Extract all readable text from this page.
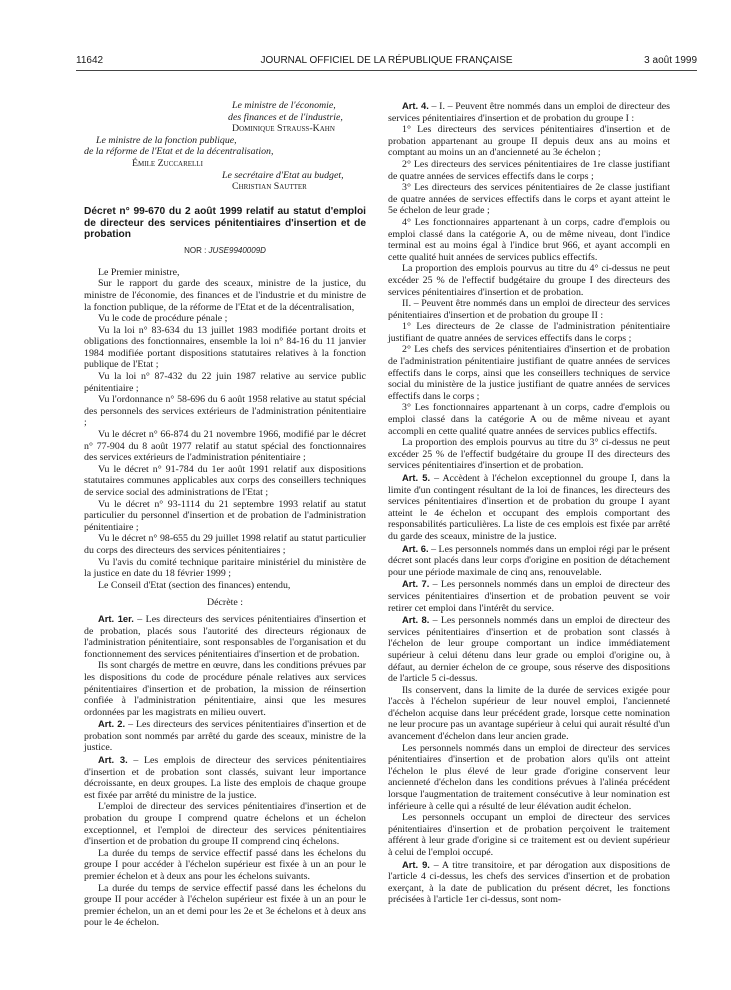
11642	JOURNAL OFFICIEL DE LA RÉPUBLIQUE FRANÇAISE	3 août 1999

Le ministre de l'économie,

des finances et de l'industrie,

Dominique Strauss-Kahn

Le ministre de la fonction publique,

de la réforme de l'Etat et de la décentralisation,

Émile Zuccarelli

Le secrétaire d'Etat au budget,

Christian Sautter

Décret n° 99-670 du 2 août 1999 relatif au statut d'emploi de directeur des services pénitentiaires d'insertion et de probation

NOR : JUSE9940009D

Le Premier ministre,

Sur le rapport du garde des sceaux, ministre de la justice, du ministre de l'économie, des finances et de l'industrie et du ministre de la fonction publique, de la réforme de l'Etat et de la décentralisation,

Vu le code de procédure pénale ;

Vu la loi n° 83-634 du 13 juillet 1983 modifiée portant droits et obligations des fonctionnaires, ensemble la loi n° 84-16 du 11 janvier 1984 modifiée portant dispositions statutaires relatives à la fonction publique de l'Etat ;

Vu la loi n° 87-432 du 22 juin 1987 relative au service public pénitentiaire ;

Vu l'ordonnance n° 58-696 du 6 août 1958 relative au statut spécial des personnels des services extérieurs de l'administration pénitentiaire ;

Vu le décret n° 66-874 du 21 novembre 1966, modifié par le décret n° 77-904 du 8 août 1977 relatif au statut spécial des fonctionnaires des services extérieurs de l'administration pénitentiaire ;

Vu le décret n° 91-784 du 1er août 1991 relatif aux dispositions statutaires communes applicables aux corps des conseillers techniques de service social des administrations de l'Etat ;

Vu le décret n° 93-1114 du 21 septembre 1993 relatif au statut particulier du personnel d'insertion et de probation de l'administration pénitentiaire ;

Vu le décret n° 98-655 du 29 juillet 1998 relatif au statut particulier du corps des directeurs des services pénitentiaires ;

Vu l'avis du comité technique paritaire ministériel du ministère de la justice en date du 18 février 1999 ;

Le Conseil d'Etat (section des finances) entendu,

Décrète :

Art. 1er. – Les directeurs des services pénitentiaires d'insertion et de probation, placés sous l'autorité des directeurs régionaux de l'administration pénitentiaire, sont responsables de l'organisation et du fonctionnement des services pénitentiaires d'insertion et de probation.

Ils sont chargés de mettre en œuvre, dans les conditions prévues par les dispositions du code de procédure pénale relatives aux services pénitentiaires d'insertion et de probation, la mission de réinsertion confiée à l'administration pénitentiaire, ainsi que les mesures ordonnées par les magistrats en milieu ouvert.

Art. 2. – Les directeurs des services pénitentiaires d'insertion et de probation sont nommés par arrêté du garde des sceaux, ministre de la justice.

Art. 3. – Les emplois de directeur des services pénitentiaires d'insertion et de probation sont classés, suivant leur importance décroissante, en deux groupes. La liste des emplois de chaque groupe est fixée par arrêté du ministre de la justice.

L'emploi de directeur des services pénitentiaires d'insertion et de probation du groupe I comprend quatre échelons et un échelon exceptionnel, et l'emploi de directeur des services pénitentiaires d'insertion et de probation du groupe II comprend cinq échelons.

La durée du temps de service effectif passé dans les échelons du groupe I pour accéder à l'échelon supérieur est fixée à un an pour le premier échelon et à deux ans pour les échelons suivants.

La durée du temps de service effectif passé dans les échelons du groupe II pour accéder à l'échelon supérieur est fixée à un an pour le premier échelon, un an et demi pour les 2e et 3e échelons et à deux ans pour le 4e échelon.

Art. 4. – I. – Peuvent être nommés dans un emploi de directeur des services pénitentiaires d'insertion et de probation du groupe I :

1° Les directeurs des services pénitentiaires d'insertion et de probation appartenant au groupe II depuis deux ans au moins et comptant au moins un an d'ancienneté au 3e échelon ;

2° Les directeurs des services pénitentiaires de 1re classe justifiant de quatre années de services effectifs dans le corps ;

3° Les directeurs des services pénitentiaires de 2e classe justifiant de quatre années de services effectifs dans le corps et ayant atteint le 5e échelon de leur grade ;

4° Les fonctionnaires appartenant à un corps, cadre d'emplois ou emploi classé dans la catégorie A, ou de même niveau, dont l'indice terminal est au moins égal à l'indice brut 966, et ayant accompli en cette qualité huit années de services publics effectifs.

La proportion des emplois pourvus au titre du 4° ci-dessus ne peut excéder 25 % de l'effectif budgétaire du groupe I des directeurs des services pénitentiaires d'insertion et de probation.

II. – Peuvent être nommés dans un emploi de directeur des services pénitentiaires d'insertion et de probation du groupe II :

1° Les directeurs de 2e classe de l'administration pénitentiaire justifiant de quatre années de services effectifs dans le corps ;

2° Les chefs des services pénitentiaires d'insertion et de probation de l'administration pénitentiaire justifiant de quatre années de services effectifs dans le corps, ainsi que les conseillers techniques de service social du ministère de la justice justifiant de quatre années de services effectifs dans le corps ;

3° Les fonctionnaires appartenant à un corps, cadre d'emplois ou emploi classé dans la catégorie A ou de même niveau et ayant accompli en cette qualité quatre années de services publics effectifs.

La proportion des emplois pourvus au titre du 3° ci-dessus ne peut excéder 25 % de l'effectif budgétaire du groupe II des directeurs des services pénitentiaires d'insertion et de probation.

Art. 5. – Accèdent à l'échelon exceptionnel du groupe I, dans la limite d'un contingent résultant de la loi de finances, les directeurs des services pénitentiaires d'insertion et de probation du groupe I ayant atteint le 4e échelon et occupant des emplois comportant des responsabilités particulières. La liste de ces emplois est fixée par arrêté du garde des sceaux, ministre de la justice.

Art. 6. – Les personnels nommés dans un emploi régi par le présent décret sont placés dans leur corps d'origine en position de détachement pour une période maximale de cinq ans, renouvelable.

Art. 7. – Les personnels nommés dans un emploi de directeur des services pénitentiaires d'insertion et de probation peuvent se voir retirer cet emploi dans l'intérêt du service.

Art. 8. – Les personnels nommés dans un emploi de directeur des services pénitentiaires d'insertion et de probation sont classés à l'échelon de leur groupe comportant un indice immédiatement supérieur à celui détenu dans leur grade ou emploi d'origine ou, à défaut, au dernier échelon de ce groupe, sous réserve des dispositions de l'article 5 ci-dessus.

Ils conservent, dans la limite de la durée de services exigée pour l'accès à l'échelon supérieur de leur nouvel emploi, l'ancienneté d'échelon acquise dans leur précédent grade, lorsque cette nomination ne leur procure pas un avantage supérieur à celui qui aurait résulté d'un avancement d'échelon dans leur ancien grade.

Les personnels nommés dans un emploi de directeur des services pénitentiaires d'insertion et de probation alors qu'ils ont atteint l'échelon le plus élevé de leur grade d'origine conservent leur ancienneté d'échelon dans les conditions prévues à l'alinéa précédent lorsque l'augmentation de traitement consécutive à leur nomination est inférieure à celle qui a résulté de leur élévation audit échelon.

Les personnels occupant un emploi de directeur des services pénitentiaires d'insertion et de probation perçoivent le traitement afférent à leur grade d'origine si ce traitement est ou devient supérieur à celui de l'emploi occupé.

Art. 9. – A titre transitoire, et par dérogation aux dispositions de l'article 4 ci-dessus, les chefs des services d'insertion et de probation exerçant, à la date de publication du présent décret, les fonctions précisées à l'article 1er ci-dessus, sont nom-
